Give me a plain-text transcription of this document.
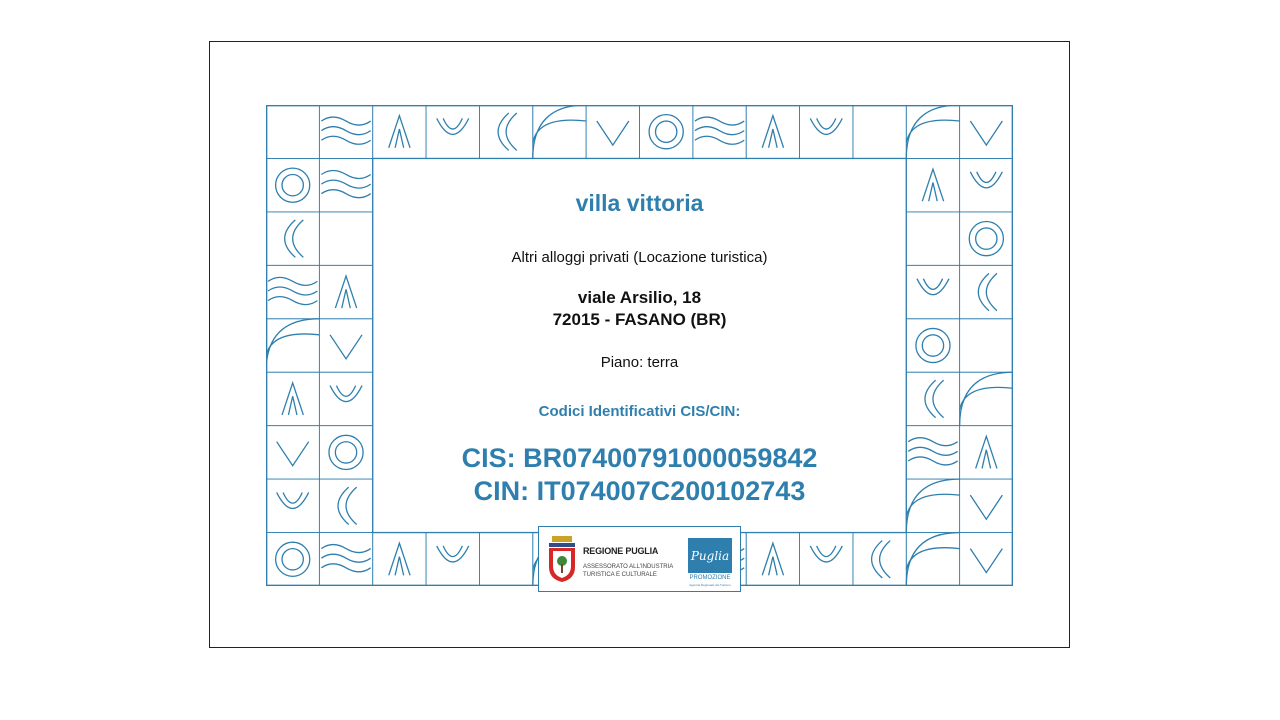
villa vittoria
Altri alloggi privati (Locazione turistica)
viale Arsilio, 18
72015 - FASANO (BR)
Piano: terra
Codici Identificativi CIS/CIN:
CIS: BR07400791000059842
CIN: IT074007C200102743
REGIONE PUGLIA
ASSESSORATO ALL'INDUSTRIA
TURISTICA E CULTURALE
Puglia
PROMOZIONE
Agenzia Regionale del Turismo
